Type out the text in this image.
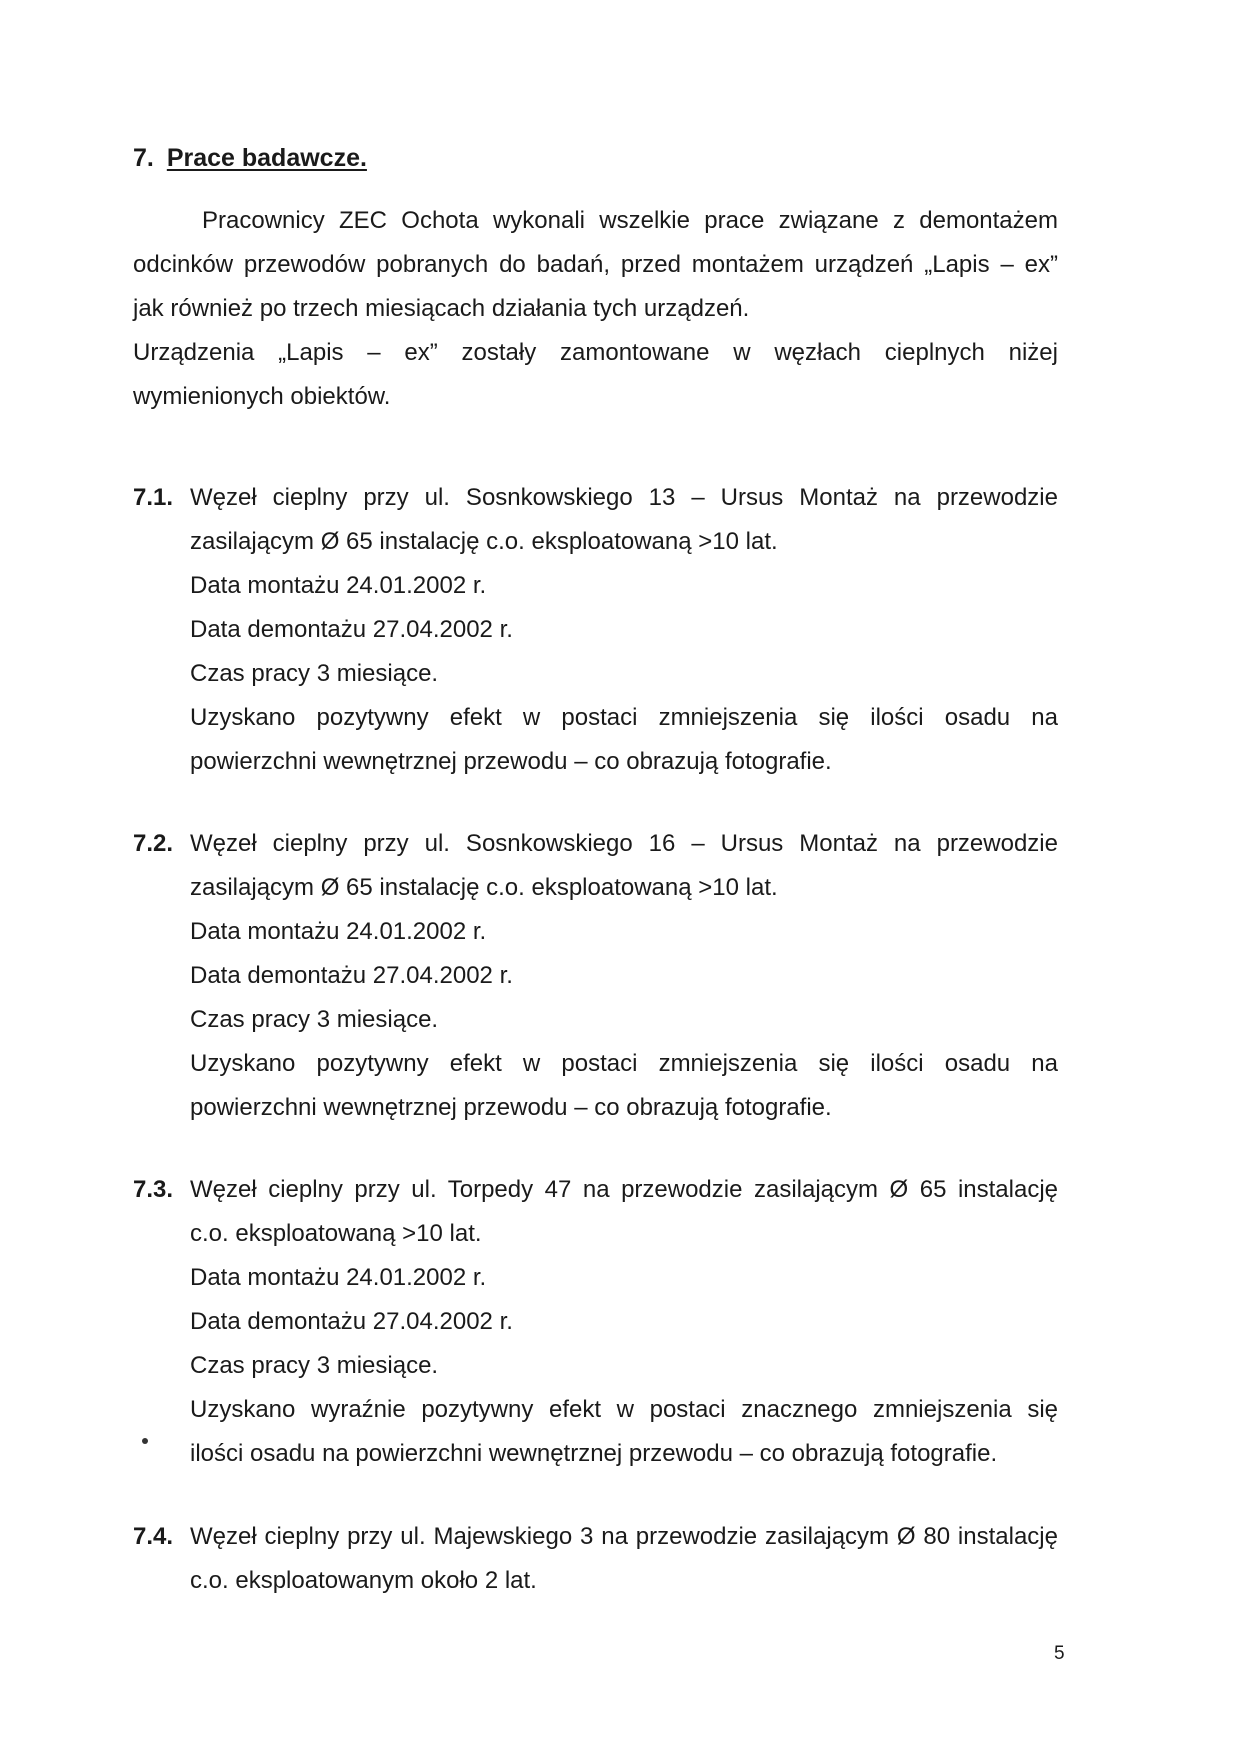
7. Prace badawcze.
Pracownicy ZEC Ochota wykonali wszelkie prace związane z demontażem
odcinków przewodów pobranych do badań, przed montażem urządzeń „Lapis – ex”
jak również po trzech miesiącach działania tych urządzeń.
Urządzenia „Lapis – ex” zostały zamontowane w węzłach cieplnych niżej
wymienionych obiektów.
7.1. Węzeł cieplny przy ul. Sosnkowskiego 13 – Ursus Montaż na przewodzie
zasilającym Ø 65 instalację c.o. eksploatowaną >10 lat.
Data montażu 24.01.2002 r.
Data demontażu 27.04.2002 r.
Czas pracy 3 miesiące.
Uzyskano pozytywny efekt w postaci zmniejszenia się ilości osadu na
powierzchni wewnętrznej przewodu – co obrazują fotografie.
7.2. Węzeł cieplny przy ul. Sosnkowskiego 16 – Ursus Montaż na przewodzie
zasilającym Ø 65 instalację c.o. eksploatowaną >10 lat.
Data montażu 24.01.2002 r.
Data demontażu 27.04.2002 r.
Czas pracy 3 miesiące.
Uzyskano pozytywny efekt w postaci zmniejszenia się ilości osadu na
powierzchni wewnętrznej przewodu – co obrazują fotografie.
7.3. Węzeł cieplny przy ul. Torpedy 47 na przewodzie zasilającym Ø 65 instalację
c.o. eksploatowaną >10 lat.
Data montażu 24.01.2002 r.
Data demontażu 27.04.2002 r.
Czas pracy 3 miesiące.
Uzyskano wyraźnie pozytywny efekt w postaci znacznego zmniejszenia się
ilości osadu na powierzchni wewnętrznej przewodu – co obrazują fotografie.
7.4. Węzeł cieplny przy ul. Majewskiego 3 na przewodzie zasilającym Ø 80 instalację
c.o. eksploatowanym około 2 lat.
5
